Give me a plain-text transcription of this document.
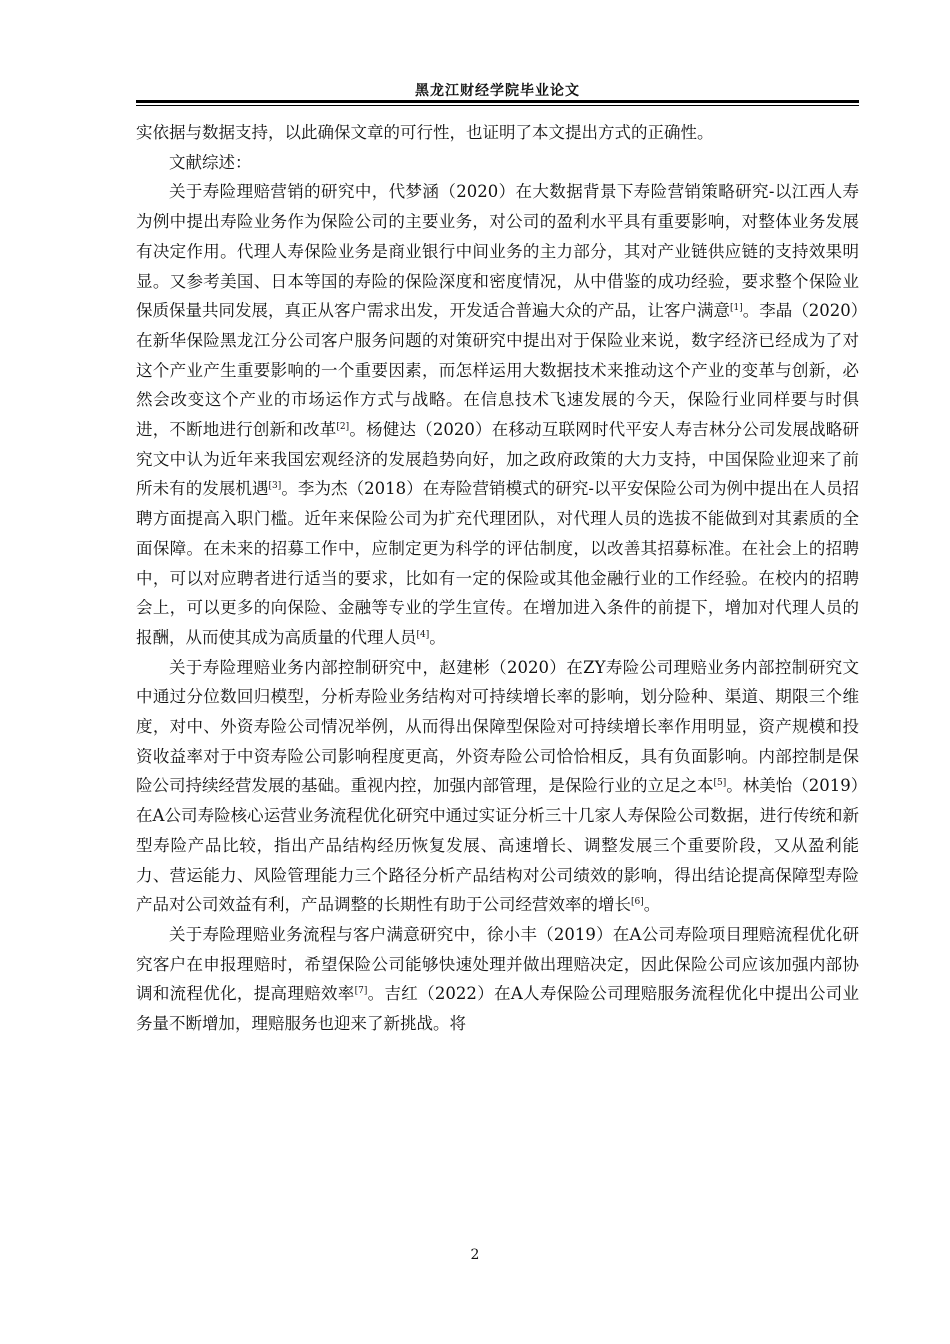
黑龙江财经学院毕业论文

实依据与数据支持，以此确保文章的可行性，也证明了本文提出方式的正确性。

文献综述：

关于寿险理赔营销的研究中，代梦涵（2020）在大数据背景下寿险营销策略研究-以江西人寿为例中提出寿险业务作为保险公司的主要业务，对公司的盈利水平具有重要影响，对整体业务发展有决定作用。代理人寿保险业务是商业银行中间业务的主力部分，其对产业链供应链的支持效果明显。又参考美国、日本等国的寿险的保险深度和密度情况，从中借鉴的成功经验，要求整个保险业保质保量共同发展，真正从客户需求出发，开发适合普遍大众的产品，让客户满意[1]。李晶（2020）在新华保险黑龙江分公司客户服务问题的对策研究中提出对于保险业来说，数字经济已经成为了对这个产业产生重要影响的一个重要因素，而怎样运用大数据技术来推动这个产业的变革与创新，必然会改变这个产业的市场运作方式与战略。在信息技术飞速发展的今天，保险行业同样要与时俱进，不断地进行创新和改革[2]。杨健达（2020）在移动互联网时代平安人寿吉林分公司发展战略研究文中认为近年来我国宏观经济的发展趋势向好，加之政府政策的大力支持，中国保险业迎来了前所未有的发展机遇[3]。李为杰（2018）在寿险营销模式的研究-以平安保险公司为例中提出在人员招聘方面提高入职门槛。近年来保险公司为扩充代理团队，对代理人员的选拔不能做到对其素质的全面保障。在未来的招募工作中，应制定更为科学的评估制度，以改善其招募标准。在社会上的招聘中，可以对应聘者进行适当的要求，比如有一定的保险或其他金融行业的工作经验。在校内的招聘会上，可以更多的向保险、金融等专业的学生宣传。在增加进入条件的前提下，增加对代理人员的报酬，从而使其成为高质量的代理人员[4]。

关于寿险理赔业务内部控制研究中，赵建彬（2020）在ZY寿险公司理赔业务内部控制研究文中通过分位数回归模型，分析寿险业务结构对可持续增长率的影响，划分险种、渠道、期限三个维度，对中、外资寿险公司情况举例，从而得出保障型保险对可持续增长率作用明显，资产规模和投资收益率对于中资寿险公司影响程度更高，外资寿险公司恰恰相反，具有负面影响。内部控制是保险公司持续经营发展的基础。重视内控，加强内部管理，是保险行业的立足之本[5]。林美怡（2019）在A公司寿险核心运营业务流程优化研究中通过实证分析三十几家人寿保险公司数据，进行传统和新型寿险产品比较，指出产品结构经历恢复发展、高速增长、调整发展三个重要阶段，又从盈利能力、营运能力、风险管理能力三个路径分析产品结构对公司绩效的影响，得出结论提高保障型寿险产品对公司效益有利，产品调整的长期性有助于公司经营效率的增长[6]。

关于寿险理赔业务流程与客户满意研究中，徐小丰（2019）在A公司寿险项目理赔流程优化研究客户在申报理赔时，希望保险公司能够快速处理并做出理赔决定，因此保险公司应该加强内部协调和流程优化，提高理赔效率[7]。吉红（2022）在A人寿保险公司理赔服务流程优化中提出公司业务量不断增加，理赔服务也迎来了新挑战。将

2
